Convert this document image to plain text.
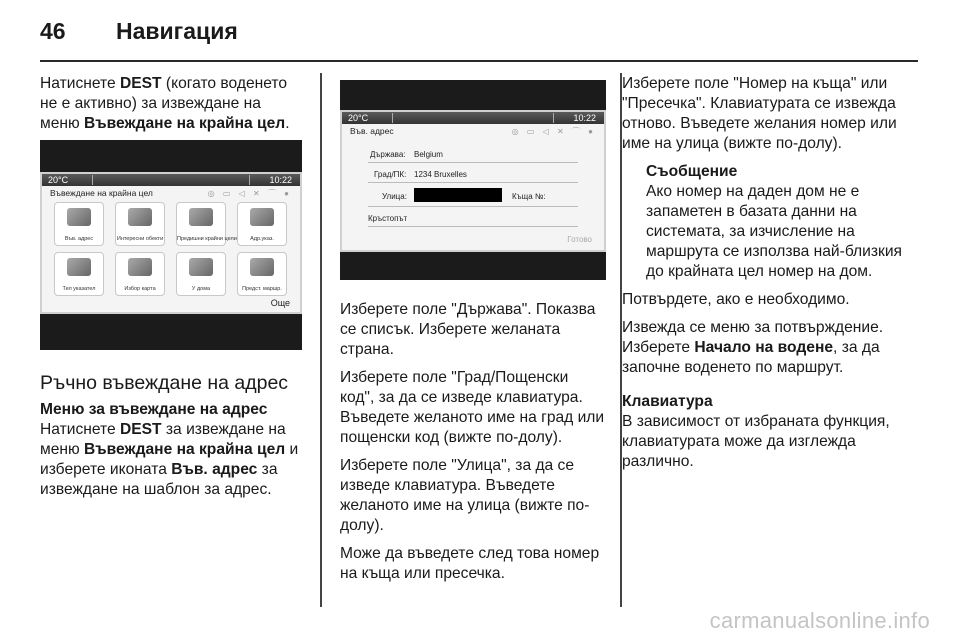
46 Навигация

Натиснете DEST (когато воденето не е активно) за извеждане на меню Въвеждане на крайна цел.

20°C	10:22
Въвеждане на крайна цел	◎ ▭ ◁ ✕ ⌒ ●
Във. адрес	Интересни обекти	Предишни крайни цели	Адр.указ.
Тел указател	Избор карта	У дома	Предст. маршр.
Още
Ръчно въвеждане на адрес
Меню за въвеждане на адрес

Натиснете DEST за извеждане на меню Въвеждане на крайна цел и изберете иконата Във. адрес за извеждане на шаблон за адрес.

20°C	10:22
Във. адрес	◎ ▭ ◁ ✕ ⌒ ●
Държава: Belgium
Град/ПК: 1234 Bruxelles
Улица:	Къща №:
Кръстопът
Готово

Изберете поле "Държава". Показва се списък. Изберете желаната страна.

Изберете поле "Град/Пощенски код", за да се изведе клавиатура. Въведете желаното име на град или пощенски код (вижте по-долу).

Изберете поле "Улица", за да се изведе клавиатура. Въведете желаното име на улица (вижте по-долу).

Може да въведете след това номер на къща или пресечка.

Изберете поле "Номер на къща" или "Пресечка". Клавиатурата се извежда отново. Въведете желания номер или име на улица (вижте по-долу).

Съобщение
Ако номер на даден дом не е запаметен в базата данни на системата, за изчисление на маршрута се използва най-близкия до крайната цел номер на дом.

Потвърдете, ако е необходимо.

Извежда се меню за потвърждение. Изберете Начало на водене, за да започне воденето по маршрут.

Клавиатура

В зависимост от избраната функция, клавиатурата може да изглежда различно.

carmanualsonline.info
